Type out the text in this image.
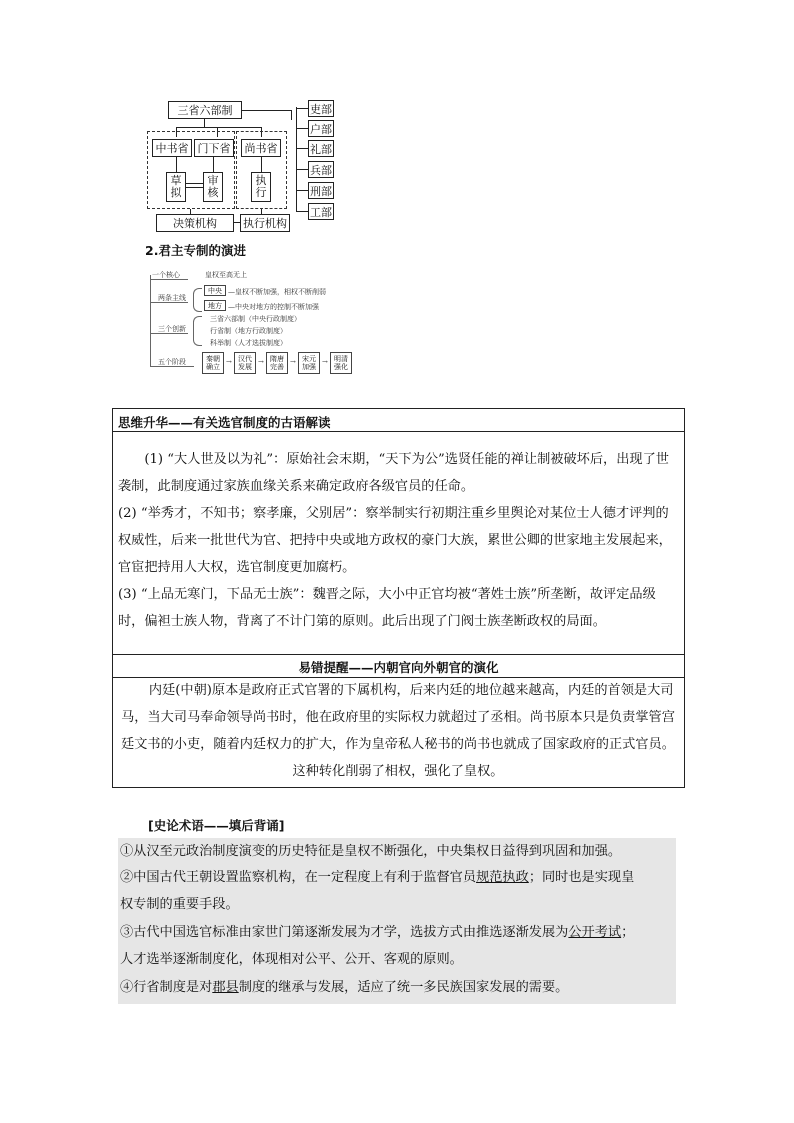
三省六部制
中书省 门下省	尚书省
草拟
审核
执行
决策机构	执行机构
吏部
户部
礼部
兵部
刑部
工部
2.君主专制的演进
一个核心	皇权至高无上
两条主线
中央 —皇权不断加强，相权不断削弱
地方 —中央对地方的控制不断加强
三个创新
三省六部制（中央行政制度）
行省制（地方行政制度）
科举制（人才选拔制度）
五个阶段	秦朝确立
→ 汉代发展
→ 隋唐完善
→ 宋元加强
→ 明清强化
思维升华——有关选官制度的古语解读

(1) “大人世及以为礼”：原始社会末期，“天下为公”选贤任能的禅让制被破坏后，出现了世袭制，此制度通过家族血缘关系来确定政府各级官员的任命。

(2) “举秀才，不知书；察孝廉，父别居”：察举制实行初期注重乡里舆论对某位士人德才评判的权威性，后来一批世代为官、把持中央或地方政权的豪门大族，累世公卿的世家地主发展起来，官宦把持用人大权，选官制度更加腐朽。

(3) “上品无寒门，下品无士族”：魏晋之际，大小中正官均被“著姓士族”所垄断，故评定品级时，偏袒士族人物，背离了不计门第的原则。此后出现了门阀士族垄断政权的局面。

易错提醒——内朝官向外朝官的演化

内廷(中朝)原本是政府正式官署的下属机构，后来内廷的地位越来越高，内廷的首领是大司马，当大司马奉命领导尚书时，他在政府里的实际权力就超过了丞相。尚书原本只是负责掌管宫廷文书的小吏，随着内廷权力的扩大，作为皇帝私人秘书的尚书也就成了国家政府的正式官员。这种转化削弱了相权，强化了皇权。

[史论术语——填后背诵]
①从汉至元政治制度演变的历史特征是皇权不断强化，中央集权日益得到巩固和加强。
②中国古代王朝设置监察机构，在一定程度上有利于监督官员规范执政；同时也是实现皇
权专制的重要手段。
③古代中国选官标准由家世门第逐渐发展为才学，选拔方式由推选逐渐发展为公开考试；
人才选举逐渐制度化，体现相对公平、公开、客观的原则。
④行省制度是对郡县制度的继承与发展，适应了统一多民族国家发展的需要。
